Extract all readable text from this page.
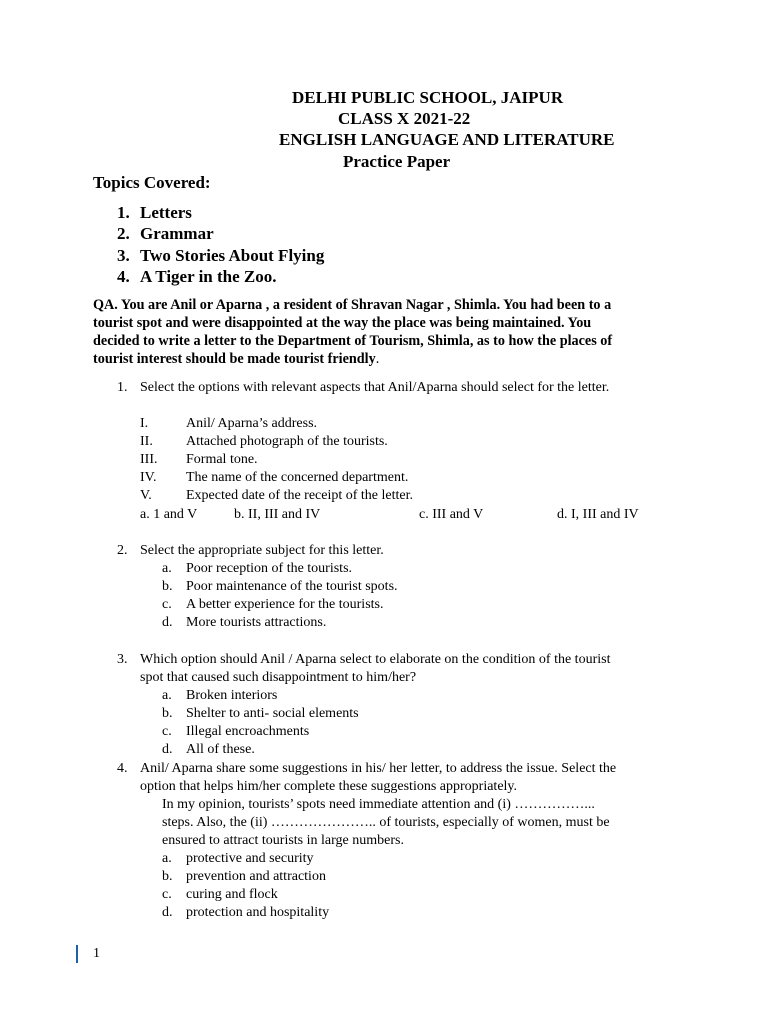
DELHI PUBLIC SCHOOL, JAIPUR
CLASS X 2021-22
ENGLISH LANGUAGE AND LITERATURE
Practice Paper
Topics Covered:
1. Letters
2. Grammar
3. Two Stories About Flying
4. A Tiger in the Zoo.
QA. You are Anil or Aparna , a resident of Shravan Nagar , Shimla. You had been to a
tourist spot and were disappointed at the way the place was being maintained. You
decided to write a letter to the Department of Tourism, Shimla, as to how the places of
tourist interest should be made tourist friendly.
1. Select the options with relevant aspects that Anil/Aparna should select for the letter.
I.	Anil/ Aparna’s address.
II. Attached photograph of the tourists.
III. Formal tone.
IV. The name of the concerned department.
V. Expected date of the receipt of the letter.
a. 1 and V	b. II, III and IV	c. III and V	d. I, III and IV
2. Select the appropriate subject for this letter.
a. Poor reception of the tourists.
b. Poor maintenance of the tourist spots.
c. A better experience for the tourists.
d. More tourists attractions.
3. Which option should Anil / Aparna select to elaborate on the condition of the tourist
spot that caused such disappointment to him/her?
a. Broken interiors
b. Shelter to anti- social elements
c. Illegal encroachments
d. All of these.
4. Anil/ Aparna share some suggestions in his/ her letter, to address the issue. Select the
option that helps him/her complete these suggestions appropriately.
In my opinion, tourists’ spots need immediate attention and (i) ……………...
steps. Also, the (ii) ………………….. of tourists, especially of women, must be
ensured to attract tourists in large numbers.
a. protective and security
b. prevention and attraction
c. curing and flock
d. protection and hospitality
1
